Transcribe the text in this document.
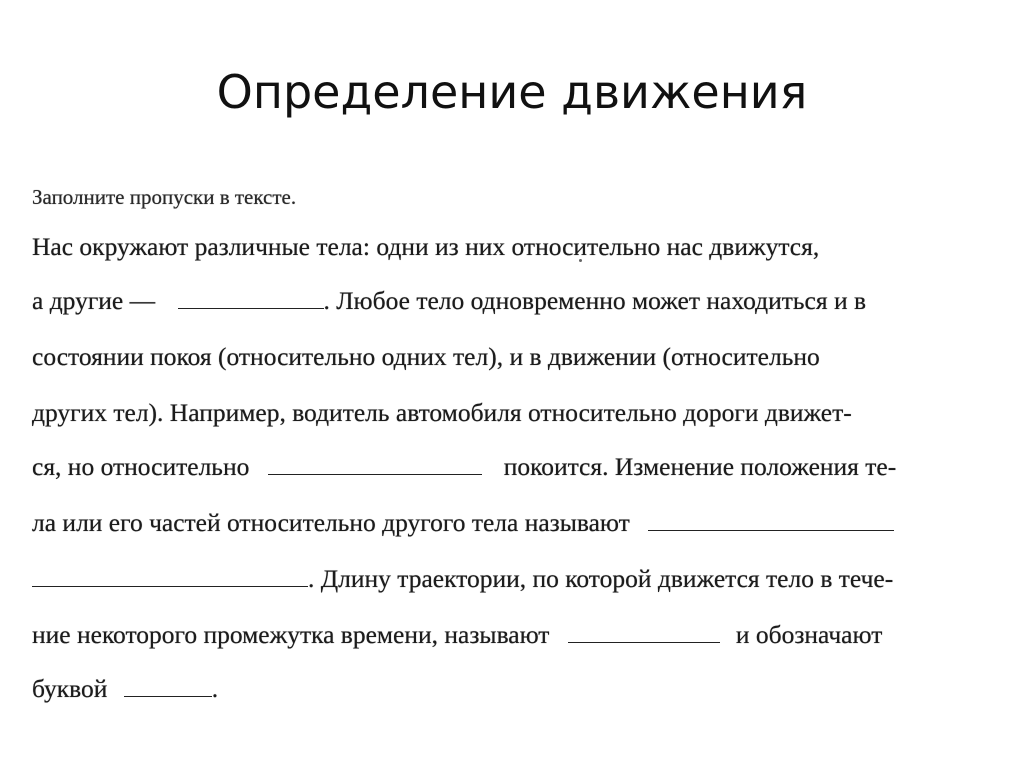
Определение движения
Заполните пропуски в тексте.
Нас окружают различные тела: одни из них относительно нас движутся,
а другие —	. Любое тело одновременно может находиться и в
состоянии покоя (относительно одних тел), и в движении (относительно
других тел). Например, водитель автомобиля относительно дороги движет-
ся, но относительно	покоится. Изменение положения те-
ла или его частей относительно другого тела называют
. Длину траектории, по которой движется тело в тече-
ние некоторого промежутка времени, называют	и обозначают
буквой	.
